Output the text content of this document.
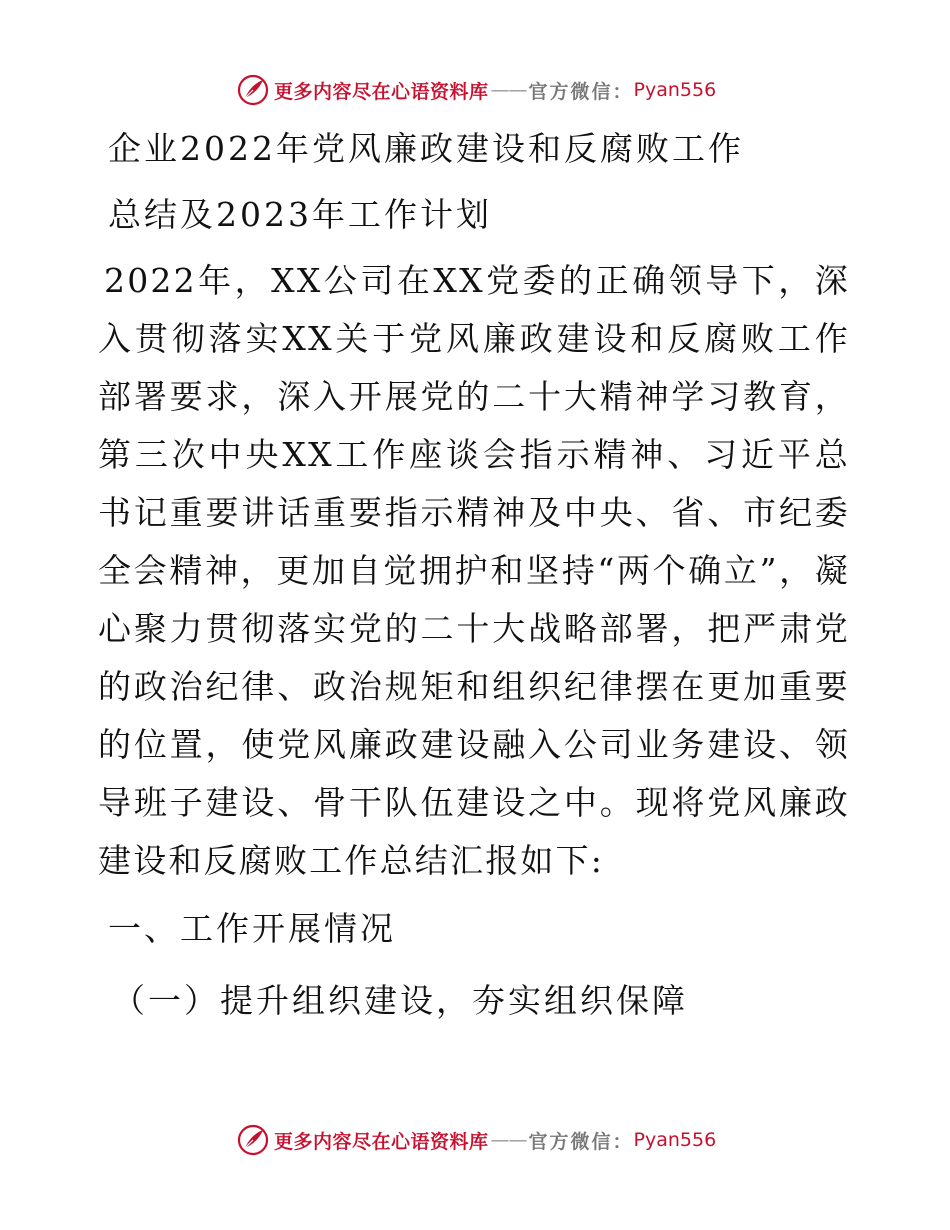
更多内容尽在心语资料库 —— 官方微信： Pyan556

企业2022年党风廉政建设和反腐败工作

总结及2023年工作计划

2022年，XX公司在XX党委的正确领导下，深入贯彻落实XX关于党风廉政建设和反腐败工作部署要求，深入开展党的二十大精神学习教育，第三次中央XX工作座谈会指示精神、习近平总书记重要讲话重要指示精神及中央、省、市纪委全会精神，更加自觉拥护和坚持“两个确立”，凝心聚力贯彻落实党的二十大战略部署，把严肃党的政治纪律、政治规矩和组织纪律摆在更加重要的位置，使党风廉政建设融入公司业务建设、领导班子建设、骨干队伍建设之中。现将党风廉政建设和反腐败工作总结汇报如下:

一、工作开展情况

（一）提升组织建设，夯实组织保障

更多内容尽在心语资料库 —— 官方微信： Pyan556
